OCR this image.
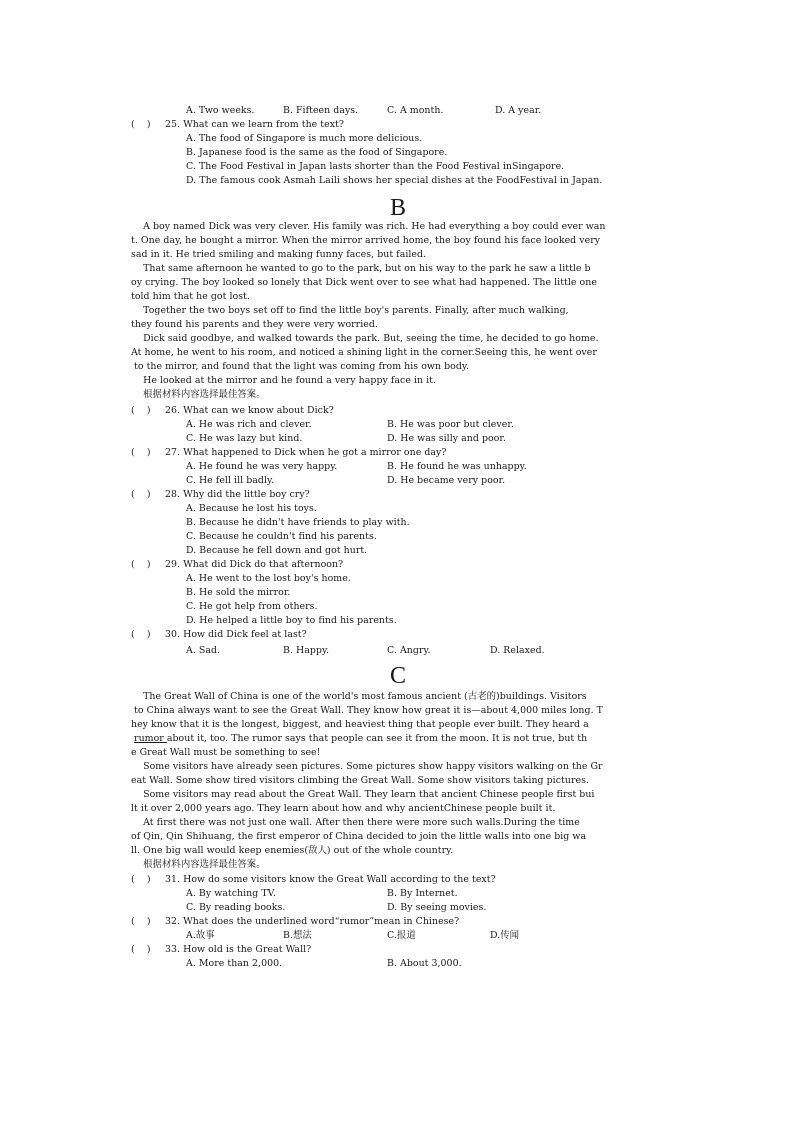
A. Two weeks.	B. Fifteen days.	C. A month.	D. A year.
(    ) 25. What can we learn from the text?
A. The food of Singapore is much more delicious.
B. Japanese food is the same as the food of Singapore.
C. The Food Festival in Japan lasts shorter than the Food Festival inSingapore.
D. The famous cook Asmah Laili shows her special dishes at the FoodFestival in Japan.
B
A boy named Dick was very clever. His family was rich. He had everything a boy could ever wan
t. One day, he bought a mirror. When the mirror arrived home, the boy found his face looked very
sad in it. He tried smiling and making funny faces, but failed.
That same afternoon he wanted to go to the park, but on his way to the park he saw a little b
oy crying. The boy looked so lonely that Dick went over to see what had happened. The little one
told him that he got lost.
Together the two boys set off to find the little boy's parents. Finally, after much walking,
they found his parents and they were very worried.
Dick said goodbye, and walked towards the park. But, seeing the time, he decided to go home.
At home, he went to his room, and noticed a shining light in the corner.Seeing this, he went over
to the mirror, and found that the light was coming from his own body.
He looked at the mirror and he found a very happy face in it.
根据材料内容选择最佳答案。
(    ) 26. What can we know about Dick?
A. He was rich and clever.	B. He was poor but clever.
C. He was lazy but kind.	D. He was silly and poor.
(    ) 27. What happened to Dick when he got a mirror one day?
A. He found he was very happy.	B. He found he was unhappy.
C. He fell ill badly.	D. He became very poor.
(    ) 28. Why did the little boy cry?
A. Because he lost his toys.
B. Because he didn't have friends to play with.
C. Because he couldn't find his parents.
D. Because he fell down and got hurt.
(    ) 29. What did Dick do that afternoon?
A. He went to the lost boy's home.
B. He sold the mirror.
C. He got help from others.
D. He helped a little boy to find his parents.
(    ) 30. How did Dick feel at last?
A. Sad.	B. Happy.	C. Angry.	D. Relaxed.
C
The Great Wall of China is one of the world's most famous ancient (古老的)buildings. Visitors
to China always want to see the Great Wall. They know how great it is—about 4,000 miles long. T
hey know that it is the longest, biggest, and heaviest thing that people ever built. They heard a
rumor about it, too. The rumor says that people can see it from the moon. It is not true, but th
e Great Wall must be something to see!
Some visitors have already seen pictures. Some pictures show happy visitors walking on the Gr
eat Wall. Some show tired visitors climbing the Great Wall. Some show visitors taking pictures.
Some visitors may read about the Great Wall. They learn that ancient Chinese people first bui
lt it over 2,000 years ago. They learn about how and why ancientChinese people built it.
At first there was not just one wall. After then there were more such walls.During the time
of Qin, Qin Shihuang, the first emperor of China decided to join the little walls into one big wa
ll. One big wall would keep enemies(敌人) out of the whole country.
根据材料内容选择最佳答案。
(    ) 31. How do some visitors know the Great Wall according to the text?
A. By watching TV.	B. By Internet.
C. By reading books.	D. By seeing movies.
(    ) 32. What does the underlined word“rumor”mean in Chinese?
A.故事	B.想法	C.报道	D.传闻
(    ) 33. How old is the Great Wall?
A. More than 2,000.	B. About 3,000.
